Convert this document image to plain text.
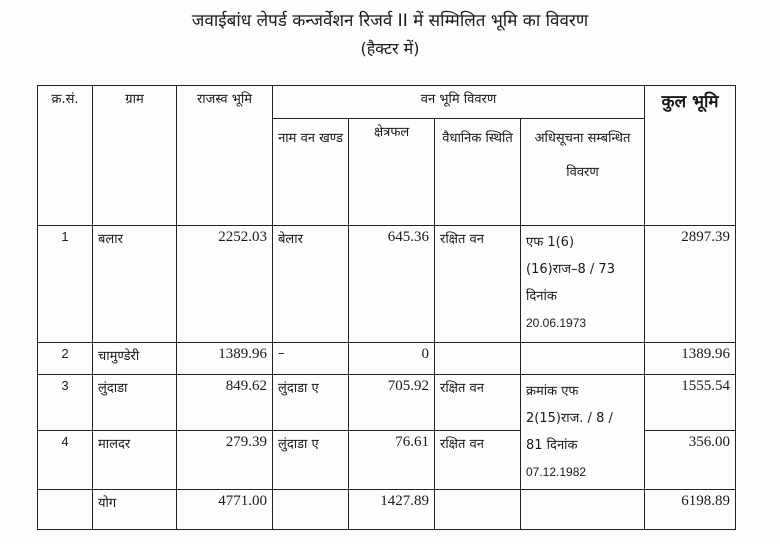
जवाईबांध लेपर्ड कन्जर्वेशन रिजर्व II में सम्मिलित भूमि का विवरण
(हैक्टर में)
क्र.सं.	ग्राम	राजस्व भूमि	वन भूमि विवरण				कुल भूमि
			नाम वन खण्ड	क्षेत्रफल	वैधानिक स्थिति	अधिसूचना सम्बन्धित विवरण	
1	बलार	2252.03	बेलार	645.36	रक्षित वन	एफ 1(6)
(16)राज–8 / 73
दिनांक
20.06.1973	2897.39
2	चामुण्डेरी	1389.96	–	0			1389.96
3	लुंदाडा	849.62	लुंदाडा ए	705.92	रक्षित वन	क्रमांक एफ
2(15)राज. / 8 /
81 दिनांक
07.12.1982	1555.54
4	मालदर	279.39	लुंदाडा ए	76.61	रक्षित वन		356.00
	योग	4771.00		1427.89			6198.89
